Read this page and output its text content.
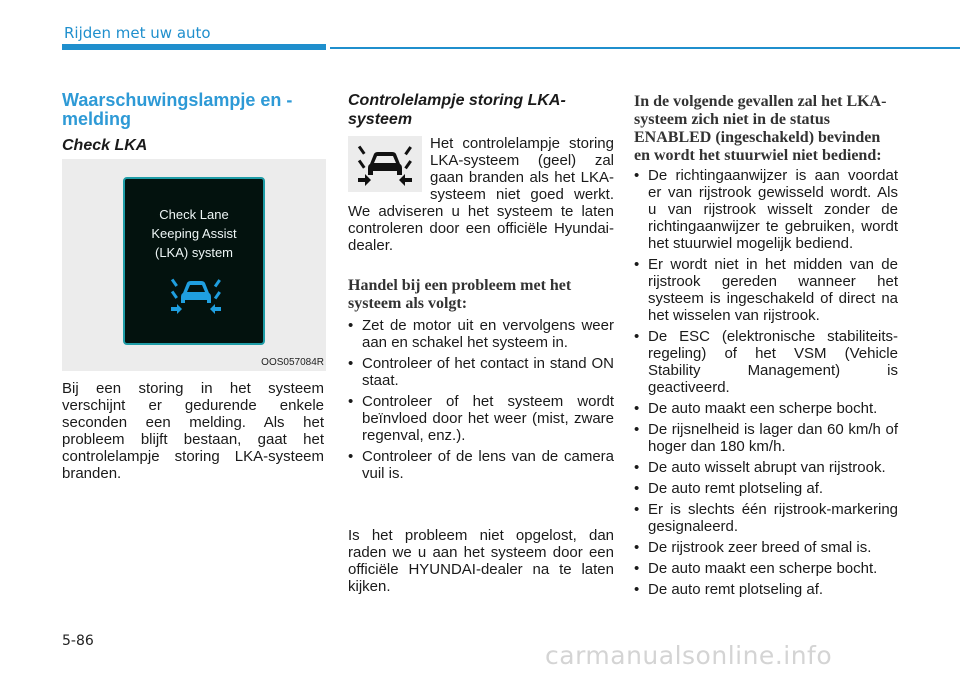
Rijden met uw auto
Waarschuwingslampje en -melding
Check LKA
Check Lane
Keeping Assist
(LKA) system
OOS057084R
Bij een storing in het systeem verschijnt er gedurende enkele seconden een melding. Als het probleem blijft bestaan, gaat het controlelampje storing LKA-systeem branden.
Controlelampje storing LKA-systeem
Het controlelampje storing LKA-systeem (geel) zal gaan branden als het LKA-systeem niet goed werkt. We adviseren u het systeem te laten controleren door een officiële Hyundai-dealer.
Handel bij een probleem met het systeem als volgt:
• Zet de motor uit en vervolgens weer aan en schakel het systeem in.
• Controleer of het contact in stand ON staat.
• Controleer of het systeem wordt beïnvloed door het weer (mist, zware regenval, enz.).
• Controleer of de lens van de camera vuil is.
Is het probleem niet opgelost, dan raden we u aan het systeem door een officiële HYUNDAI-dealer na te laten kijken.
In de volgende gevallen zal het LKA-systeem zich niet in de status ENABLED (ingeschakeld) bevinden en wordt het stuurwiel niet bediend:
• De richtingaanwijzer is aan voordat er van rijstrook gewisseld wordt. Als u van rijstrook wisselt zonder de richtingaanwijzer te gebruiken, wordt het stuurwiel mogelijk bediend.
• Er wordt niet in het midden van de rijstrook gereden wanneer het systeem is ingeschakeld of direct na het wisselen van rijstrook.
• De ESC (elektronische stabiliteits-regeling) of het VSM (Vehicle Stability Management) is geactiveerd.
• De auto maakt een scherpe bocht.
• De rijsnelheid is lager dan 60 km/h of hoger dan 180 km/h.
• De auto wisselt abrupt van rijstrook.
• De auto remt plotseling af.
• Er is slechts één rijstrook-markering gesignaleerd.
• De rijstrook zeer breed of smal is.
• De auto maakt een scherpe bocht.
• De auto remt plotseling af.
5-86	carmanualsonline.info
